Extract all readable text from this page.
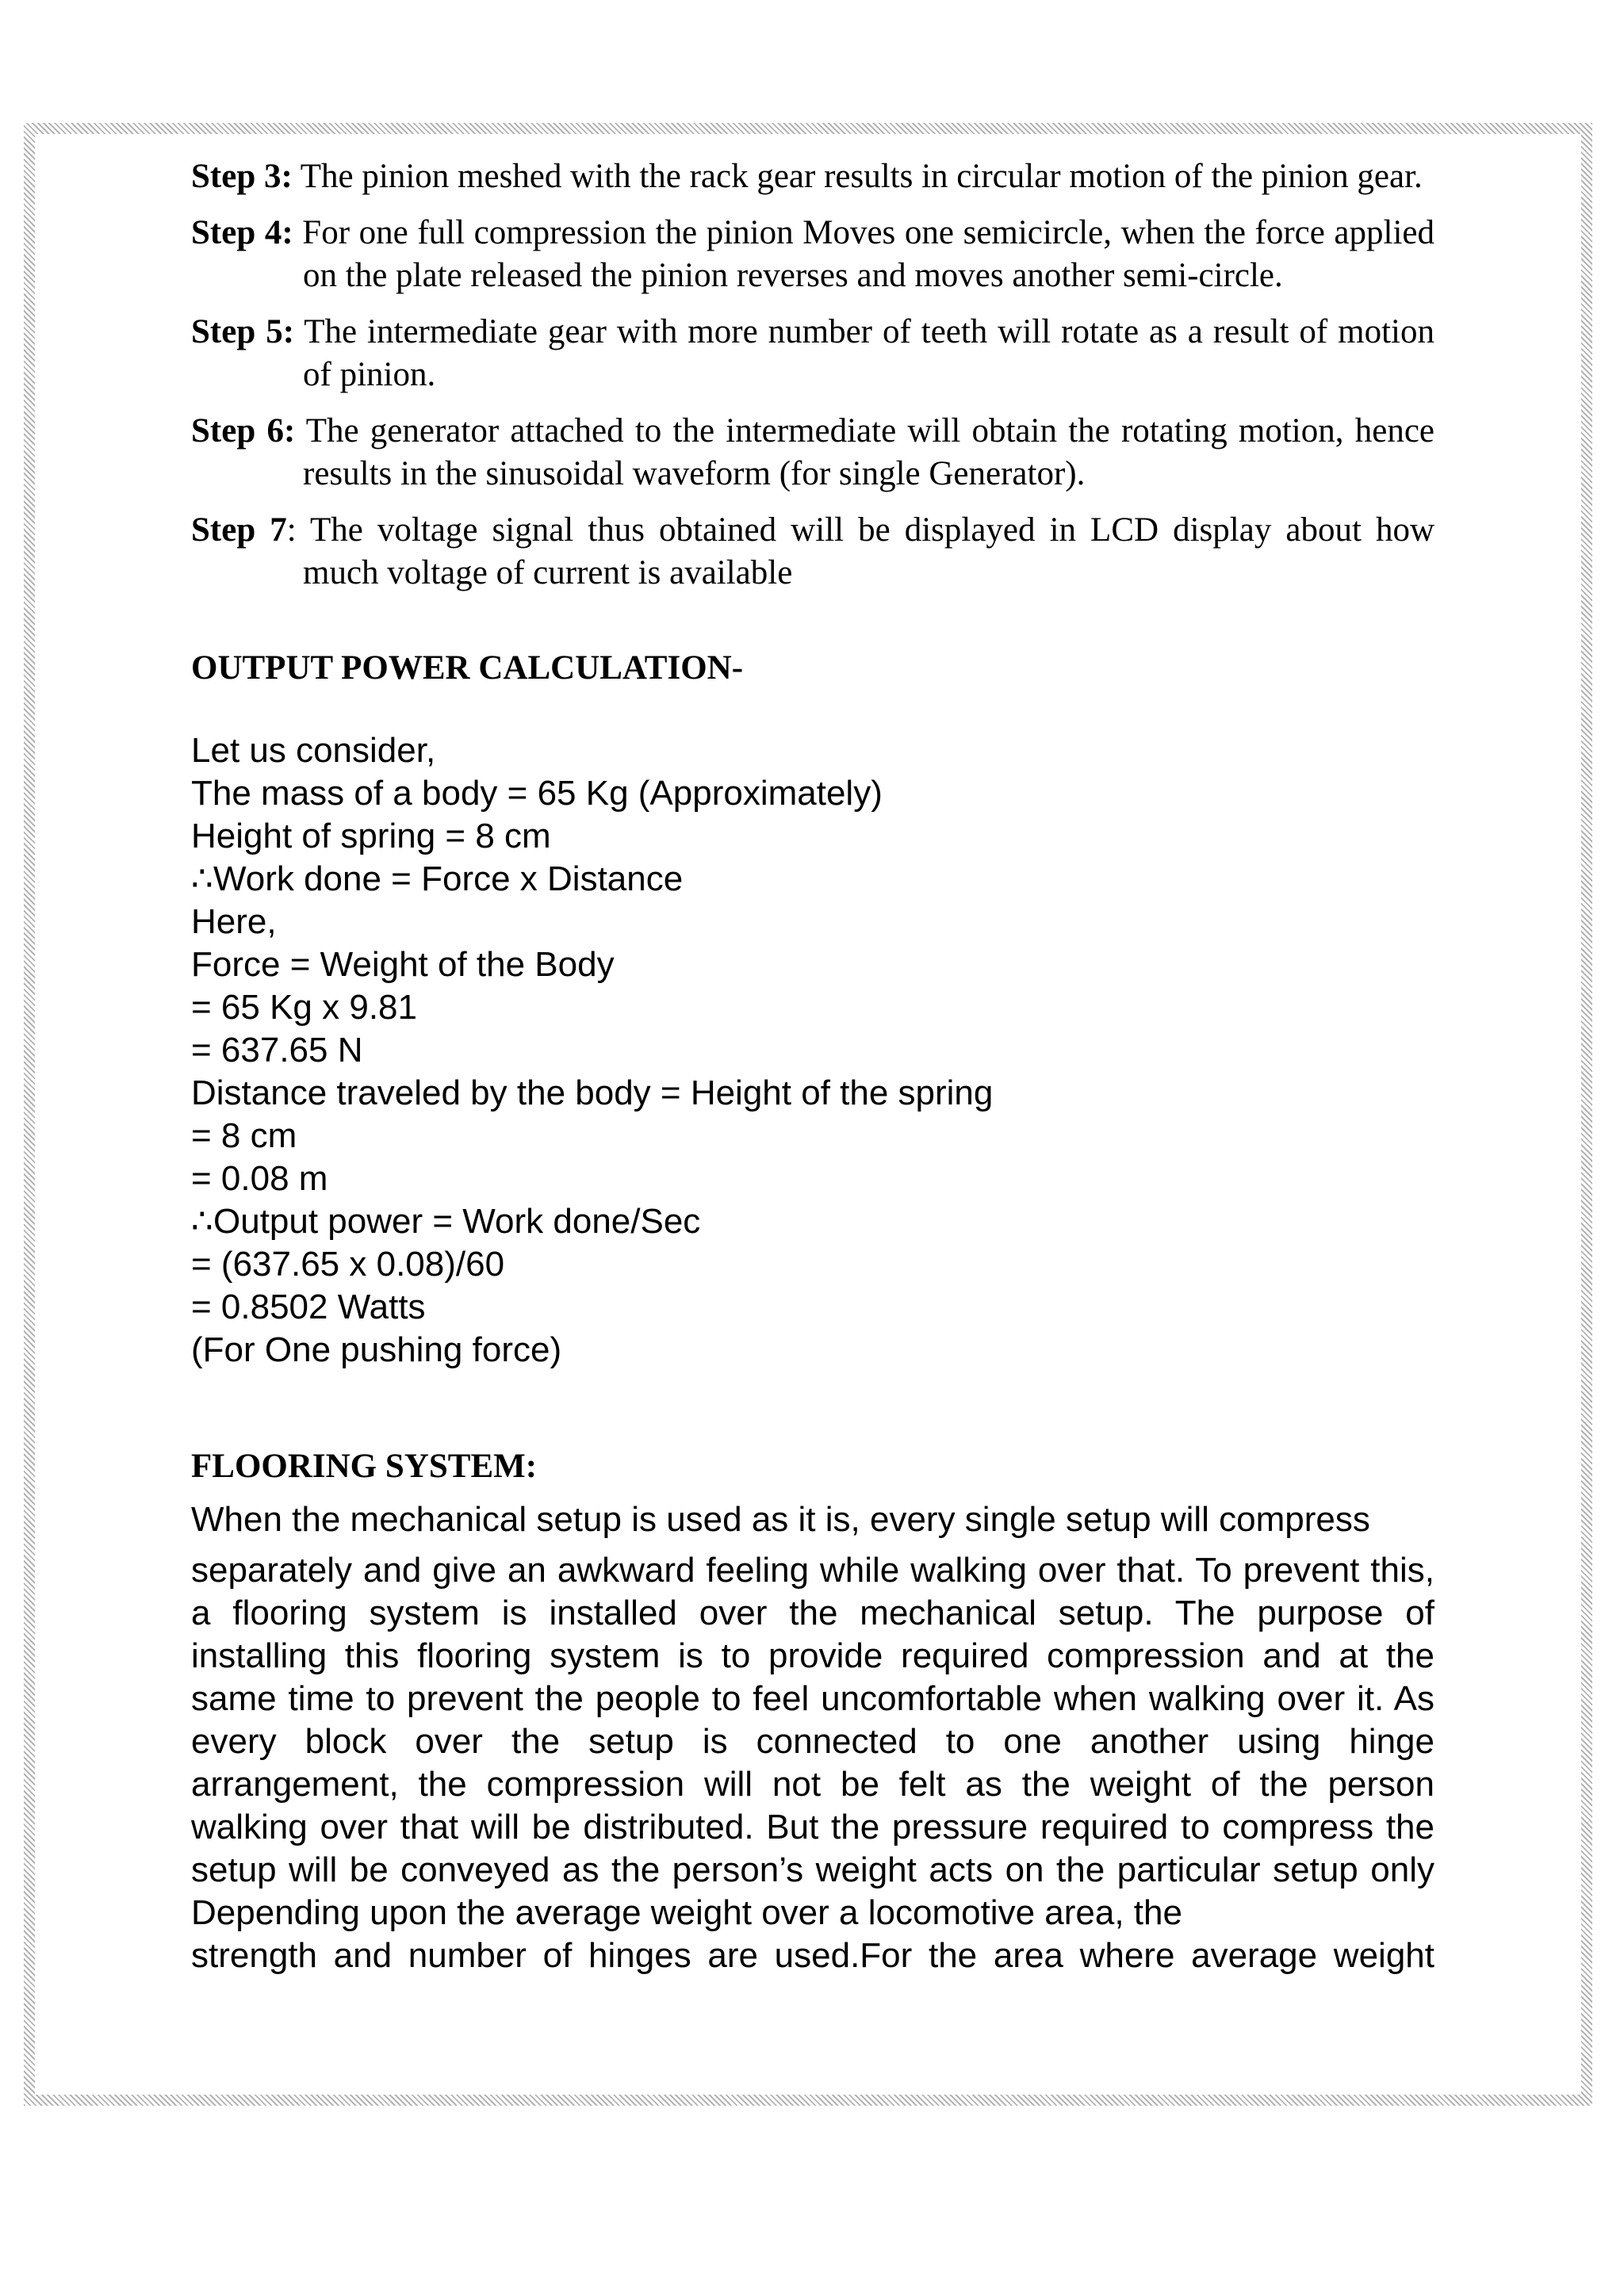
Step 3: The pinion meshed with the rack gear results in circular motion of the pinion gear.
Step 4: For one full compression the pinion Moves one semicircle, when the force applied on the plate released the pinion reverses and moves another semi-circle.
Step 5: The intermediate gear with more number of teeth will rotate as a result of motion of pinion.
Step 6: The generator attached to the intermediate will obtain the rotating motion, hence results in the sinusoidal waveform (for single Generator).
Step 7: The voltage signal thus obtained will be displayed in LCD display about how much voltage of current is available
OUTPUT POWER CALCULATION-
Let us consider,
The mass of a body = 65 Kg (Approximately)
Height of spring = 8 cm
∴Work done = Force x Distance
Here,
Force = Weight of the Body
= 65 Kg x 9.81
= 637.65 N
Distance traveled by the body = Height of the spring
= 8 cm
= 0.08 m
∴Output power = Work done/Sec
= (637.65 x 0.08)/60
= 0.8502 Watts
(For One pushing force)
FLOORING SYSTEM:
When the mechanical setup is used as it is, every single setup will compress
separately and give an awkward feeling while walking over that. To prevent this, a flooring system is installed over the mechanical setup. The purpose of installing this flooring system is to provide required compression and at the same time to prevent the people to feel uncomfortable when walking over it. As every block over the setup is connected to one another using hinge arrangement, the compression will not be felt as the weight of the person walking over that will be distributed. But the pressure required to compress the setup will be conveyed as the person’s weight acts on the particular setup only Depending upon the average weight over a locomotive area, the
strength and number of hinges are used.For the area where average weight
